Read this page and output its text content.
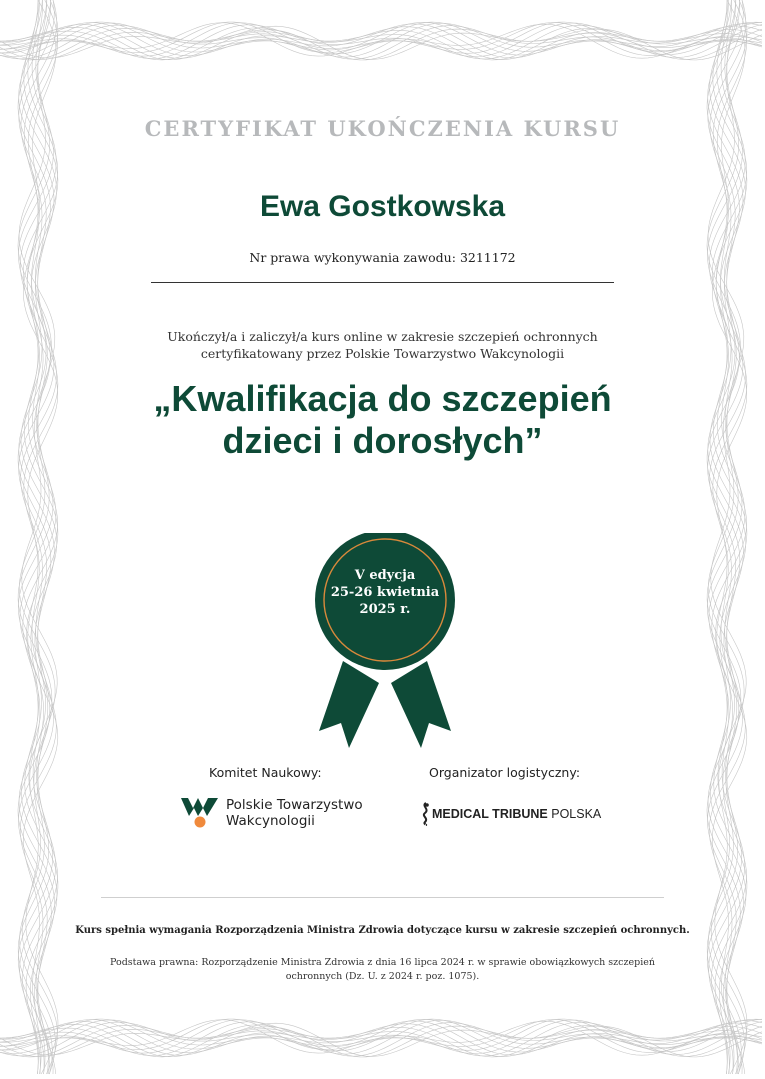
CERTYFIKAT UKOŃCZENIA KURSU
Ewa Gostkowska
Nr prawa wykonywania zawodu: 3211172
Ukończył/a i zaliczył/a kurs online w zakresie szczepień ochronnych
certyfikatowany przez Polskie Towarzystwo Wakcynologii
„Kwalifikacja do szczepień
dzieci i dorosłych”
V edycja
25-26 kwietnia
2025 r.
Komitet Naukowy:	Organizator logistyczny:
Polskie Towarzystwo
Wakcynologii	MEDICAL TRIBUNE POLSKA
Kurs spełnia wymagania Rozporządzenia Ministra Zdrowia dotyczące kursu w zakresie szczepień ochronnych.
Podstawa prawna: Rozporządzenie Ministra Zdrowia z dnia 16 lipca 2024 r. w sprawie obowiązkowych szczepień
ochronnych (Dz. U. z 2024 r. poz. 1075).
